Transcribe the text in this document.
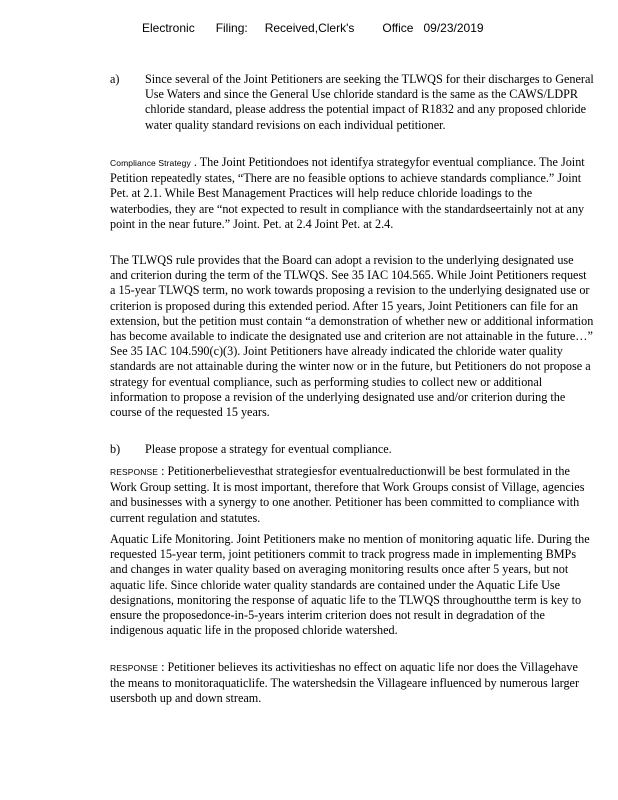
Electronic Filing: Received,Clerk's Office 09/23/2019
a) Since several of the Joint Petitioners are seeking the TLWQS for their discharges to General Use Waters and since the General Use chloride standard is the same as the CAWS/LDPR chloride standard, please address the potential impact of R1832 and any proposed chloride water quality standard revisions on each individual petitioner.

Compliance Strategy . The Joint Petitiondoes not identifya strategyfor eventual compliance. The Joint Petition repeatedly states, “There are no feasible options to achieve standards compliance.” Joint Pet. at 2.1. While Best Management Practices will help reduce chloride loadings to the waterbodies, they are “not expected to result in compliance with the standardseertainly not at any point in the near future.” Joint. Pet. at 2.4 Joint Pet. at 2.4.

The TLWQS rule provides that the Board can adopt a revision to the underlying designated use and criterion during the term of the TLWQS. See 35 IAC 104.565. While Joint Petitioners request a 15-year TLWQS term, no work towards proposing a revision to the underlying designated use or criterion is proposed during this extended period. After 15 years, Joint Petitioners can file for an extension, but the petition must contain “a demonstration of whether new or additional information has become available to indicate the designated use and criterion are not attainable in the future…” See 35 IAC 104.590(c)(3). Joint Petitioners have already indicated the chloride water quality standards are not attainable during the winter now or in the future, but Petitioners do not propose a strategy for eventual compliance, such as performing studies to collect new or additional information to propose a revision of the underlying designated use and/or criterion during the course of the requested 15 years.

b) Please propose a strategy for eventual compliance.

RESPONSE : Petitionerbelievesthat strategiesfor eventualreductionwill be best formulated in the Work Group setting. It is most important, therefore that Work Groups consist of Village, agencies and businesses with a synergy to one another. Petitioner has been committed to compliance with current regulation and statutes.

Aquatic Life Monitoring. Joint Petitioners make no mention of monitoring aquatic life. During the requested 15-year term, joint petitioners commit to track progress made in implementing BMPs and changes in water quality based on averaging monitoring results once after 5 years, but not aquatic life. Since chloride water quality standards are contained under the Aquatic Life Use designations, monitoring the response of aquatic life to the TLWQS throughoutthe term is key to ensure the proposedonce-in-5-years interim criterion does not result in degradation of the indigenous aquatic life in the proposed chloride watershed.

RESPONSE : Petitioner believes its activitieshas no effect on aquatic life nor does the Villagehave the means to monitoraquaticlife. The watershedsin the Villageare influenced by numerous larger usersboth up and down stream.
